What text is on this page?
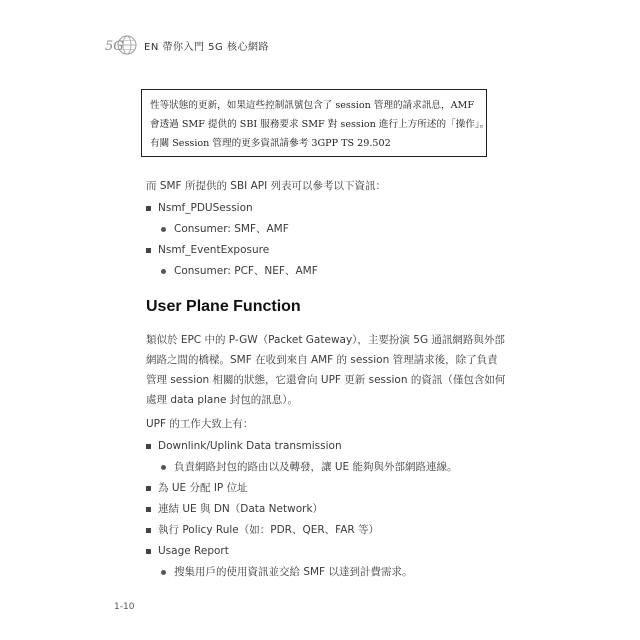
5G EN 帶你入門 5G 核心網路
性等狀態的更新，如果這些控制訊號包含了 session 管理的請求訊息，AMF
會透過 SMF 提供的 SBI 服務要求 SMF 對 session 進行上方所述的「操作」。
有關 Session 管理的更多資訊請參考 3GPP TS 29.502

而 SMF 所提供的 SBI API 列表可以參考以下資訊：

Nsmf_PDUSession
Consumer: SMF、AMF
Nsmf_EventExposure
Consumer: PCF、NEF、AMF
User Plane Function

類似於 EPC 中的 P-GW（Packet Gateway），主要扮演 5G 通訊網路與外部

網路之間的橋樑。SMF 在收到來自 AMF 的 session 管理請求後，除了負責

管理 session 相關的狀態，它還會向 UPF 更新 session 的資訊（僅包含如何

處理 data plane 封包的訊息）。

UPF 的工作大致上有：

Downlink/Uplink Data transmission
負責網路封包的路由以及轉發，讓 UE 能夠與外部網路連線。
為 UE 分配 IP 位址
連結 UE 與 DN（Data Network）
執行 Policy Rule（如：PDR、QER、FAR 等）
Usage Report
搜集用戶的使用資訊並交給 SMF 以達到計費需求。
1-10
